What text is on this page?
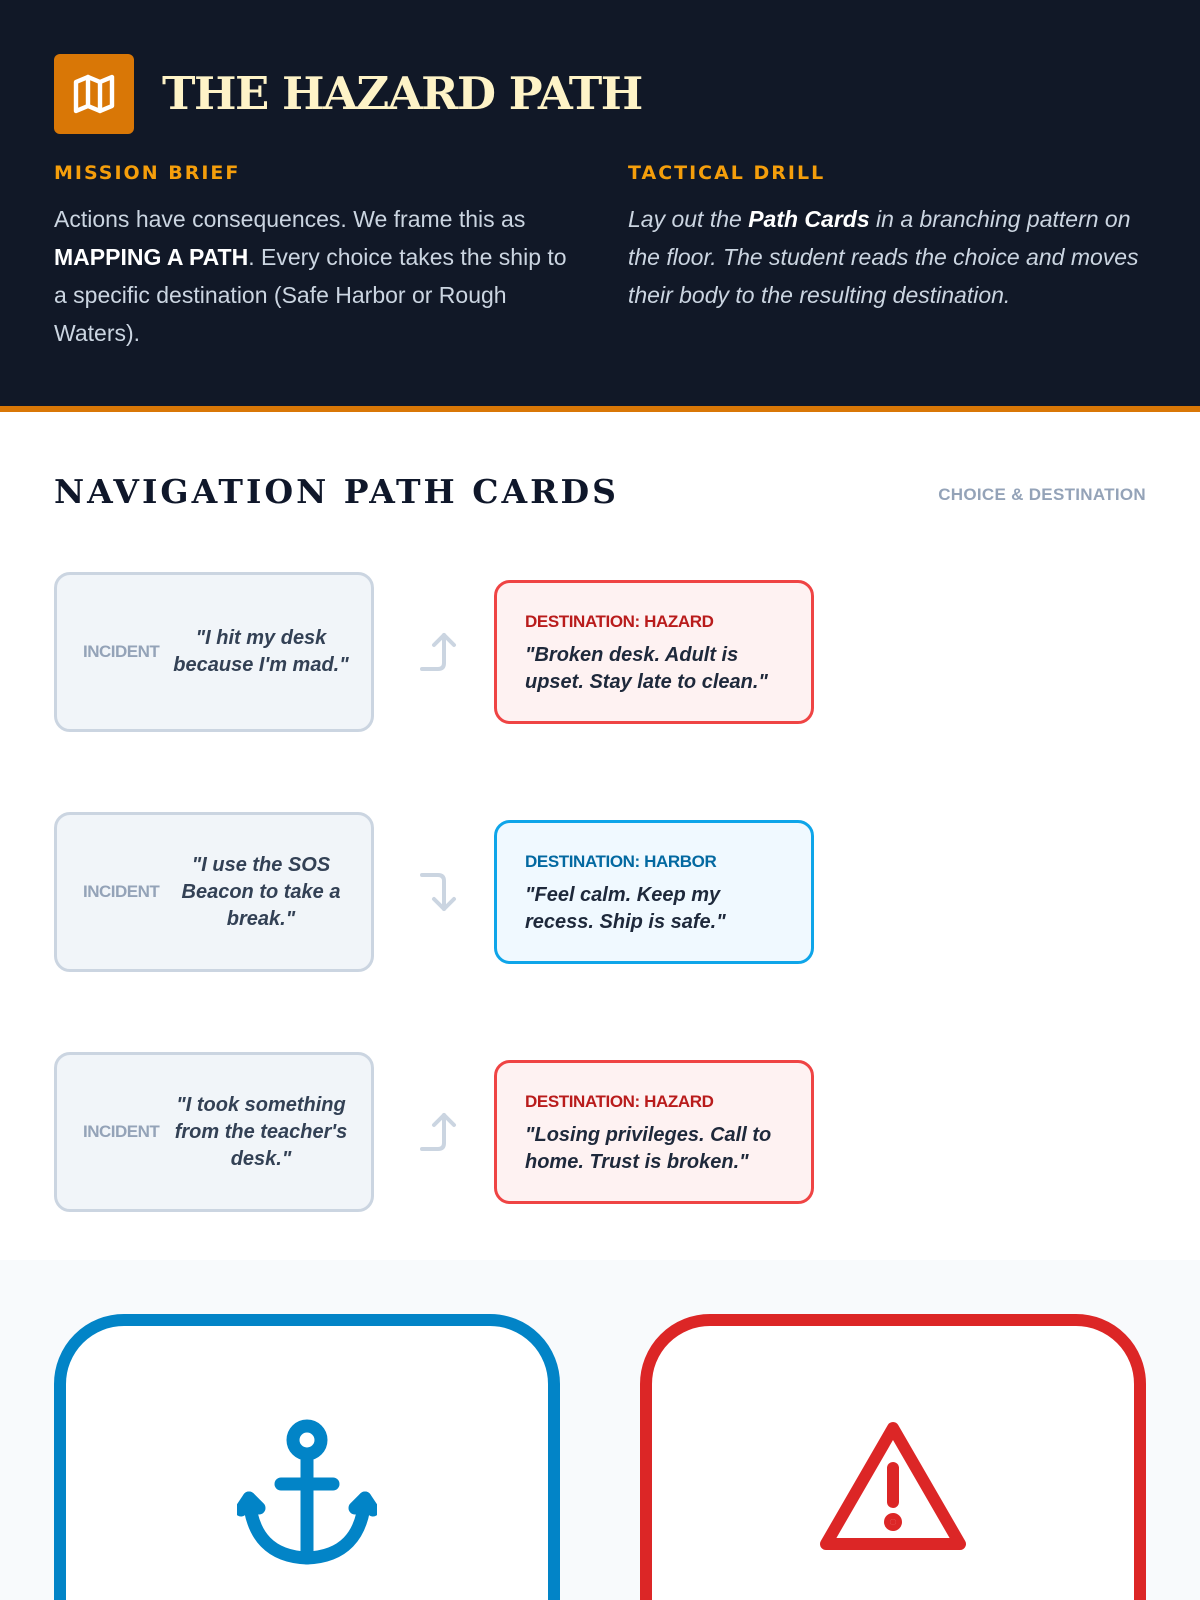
THE HAZARD PATH
MISSION BRIEF
Actions have consequences. We frame this as MAPPING A PATH. Every choice takes the ship to a specific destination (Safe Harbor or Rough Waters).
TACTICAL DRILL
Lay out the Path Cards in a branching pattern on the floor. The student reads the choice and moves their body to the resulting destination.
NAVIGATION PATH CARDS	CHOICE & DESTINATION
INCIDENT
"I hit my desk because I'm mad."
DESTINATION: HAZARD
"Broken desk. Adult is upset. Stay late to clean."
INCIDENT
"I use the SOS Beacon to take a break."
DESTINATION: HARBOR
"Feel calm. Keep my recess. Ship is safe."
INCIDENT
"I took something from the teacher's desk."
DESTINATION: HAZARD
"Losing privileges. Call to home. Trust is broken."
